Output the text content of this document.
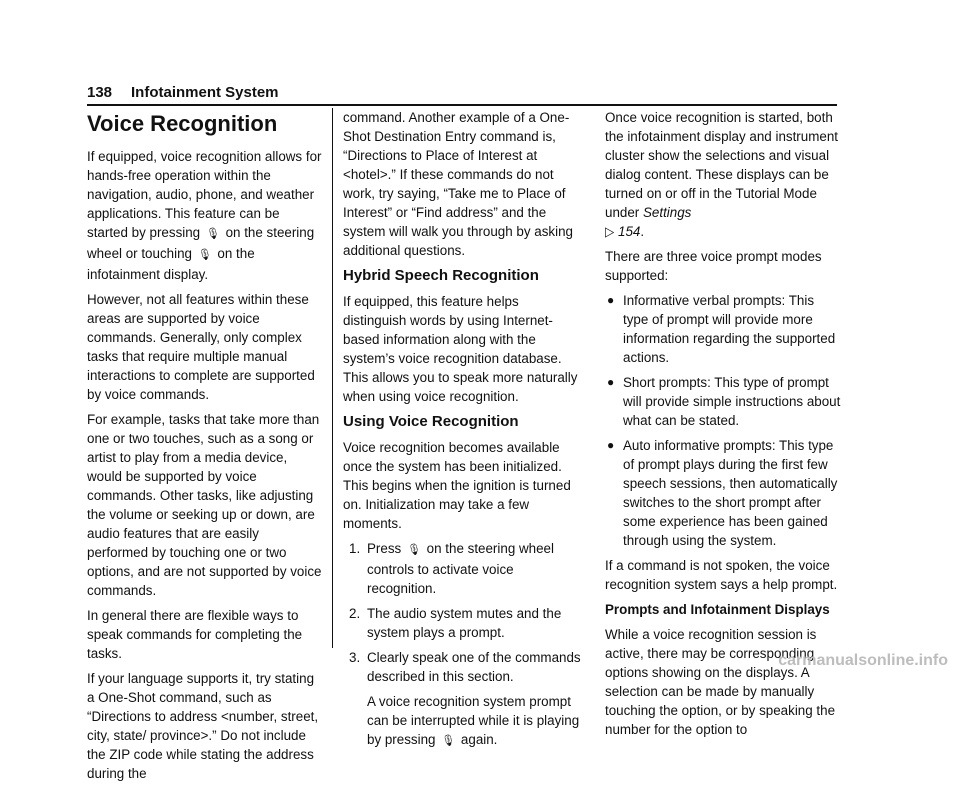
138 Infotainment System
Voice Recognition

If equipped, voice recognition allows for hands-free operation within the navigation, audio, phone, and weather applications. This feature can be started by pressing 🎙︎ on the steering wheel or touching 🎙︎ on the infotainment display.

However, not all features within these areas are supported by voice commands. Generally, only complex tasks that require multiple manual interactions to complete are supported by voice commands.

For example, tasks that take more than one or two touches, such as a song or artist to play from a media device, would be supported by voice commands. Other tasks, like adjusting the volume or seeking up or down, are audio features that are easily performed by touching one or two options, and are not supported by voice commands.

In general there are flexible ways to speak commands for completing the tasks.

If your language supports it, try stating a One-Shot command, such as “Directions to address <number, street, city, state/ province>.” Do not include the ZIP code while stating the address during the

command. Another example of a One-Shot Destination Entry command is, “Directions to Place of Interest at <hotel>.” If these commands do not work, try saying, “Take me to Place of Interest” or “Find address” and the system will walk you through by asking additional questions.

Hybrid Speech Recognition

If equipped, this feature helps distinguish words by using Internet-based information along with the system’s voice recognition database. This allows you to speak more naturally when using voice recognition.

Using Voice Recognition

Voice recognition becomes available once the system has been initialized. This begins when the ignition is turned on. Initialization may take a few moments.

1. Press 🎙︎ on the steering wheel controls to activate voice recognition.
2. The audio system mutes and the system plays a prompt.
3. Clearly speak one of the commands described in this section.

A voice recognition system prompt can be interrupted while it is playing by pressing 🎙︎ again.

Once voice recognition is started, both the infotainment display and instrument cluster show the selections and visual dialog content. These displays can be turned on or off in the Tutorial Mode under Settings
▷ 154.

There are three voice prompt modes supported:

● Informative verbal prompts: This type of prompt will provide more information regarding the supported actions.
● Short prompts: This type of prompt will provide simple instructions about what can be stated.
● Auto informative prompts: This type of prompt plays during the first few speech sessions, then automatically switches to the short prompt after some experience has been gained through using the system.

If a command is not spoken, the voice recognition system says a help prompt.

Prompts and Infotainment Displays

While a voice recognition session is active, there may be corresponding options showing on the displays. A selection can be made by manually touching the option, or by speaking the number for the option to

carmanualsonline.info
